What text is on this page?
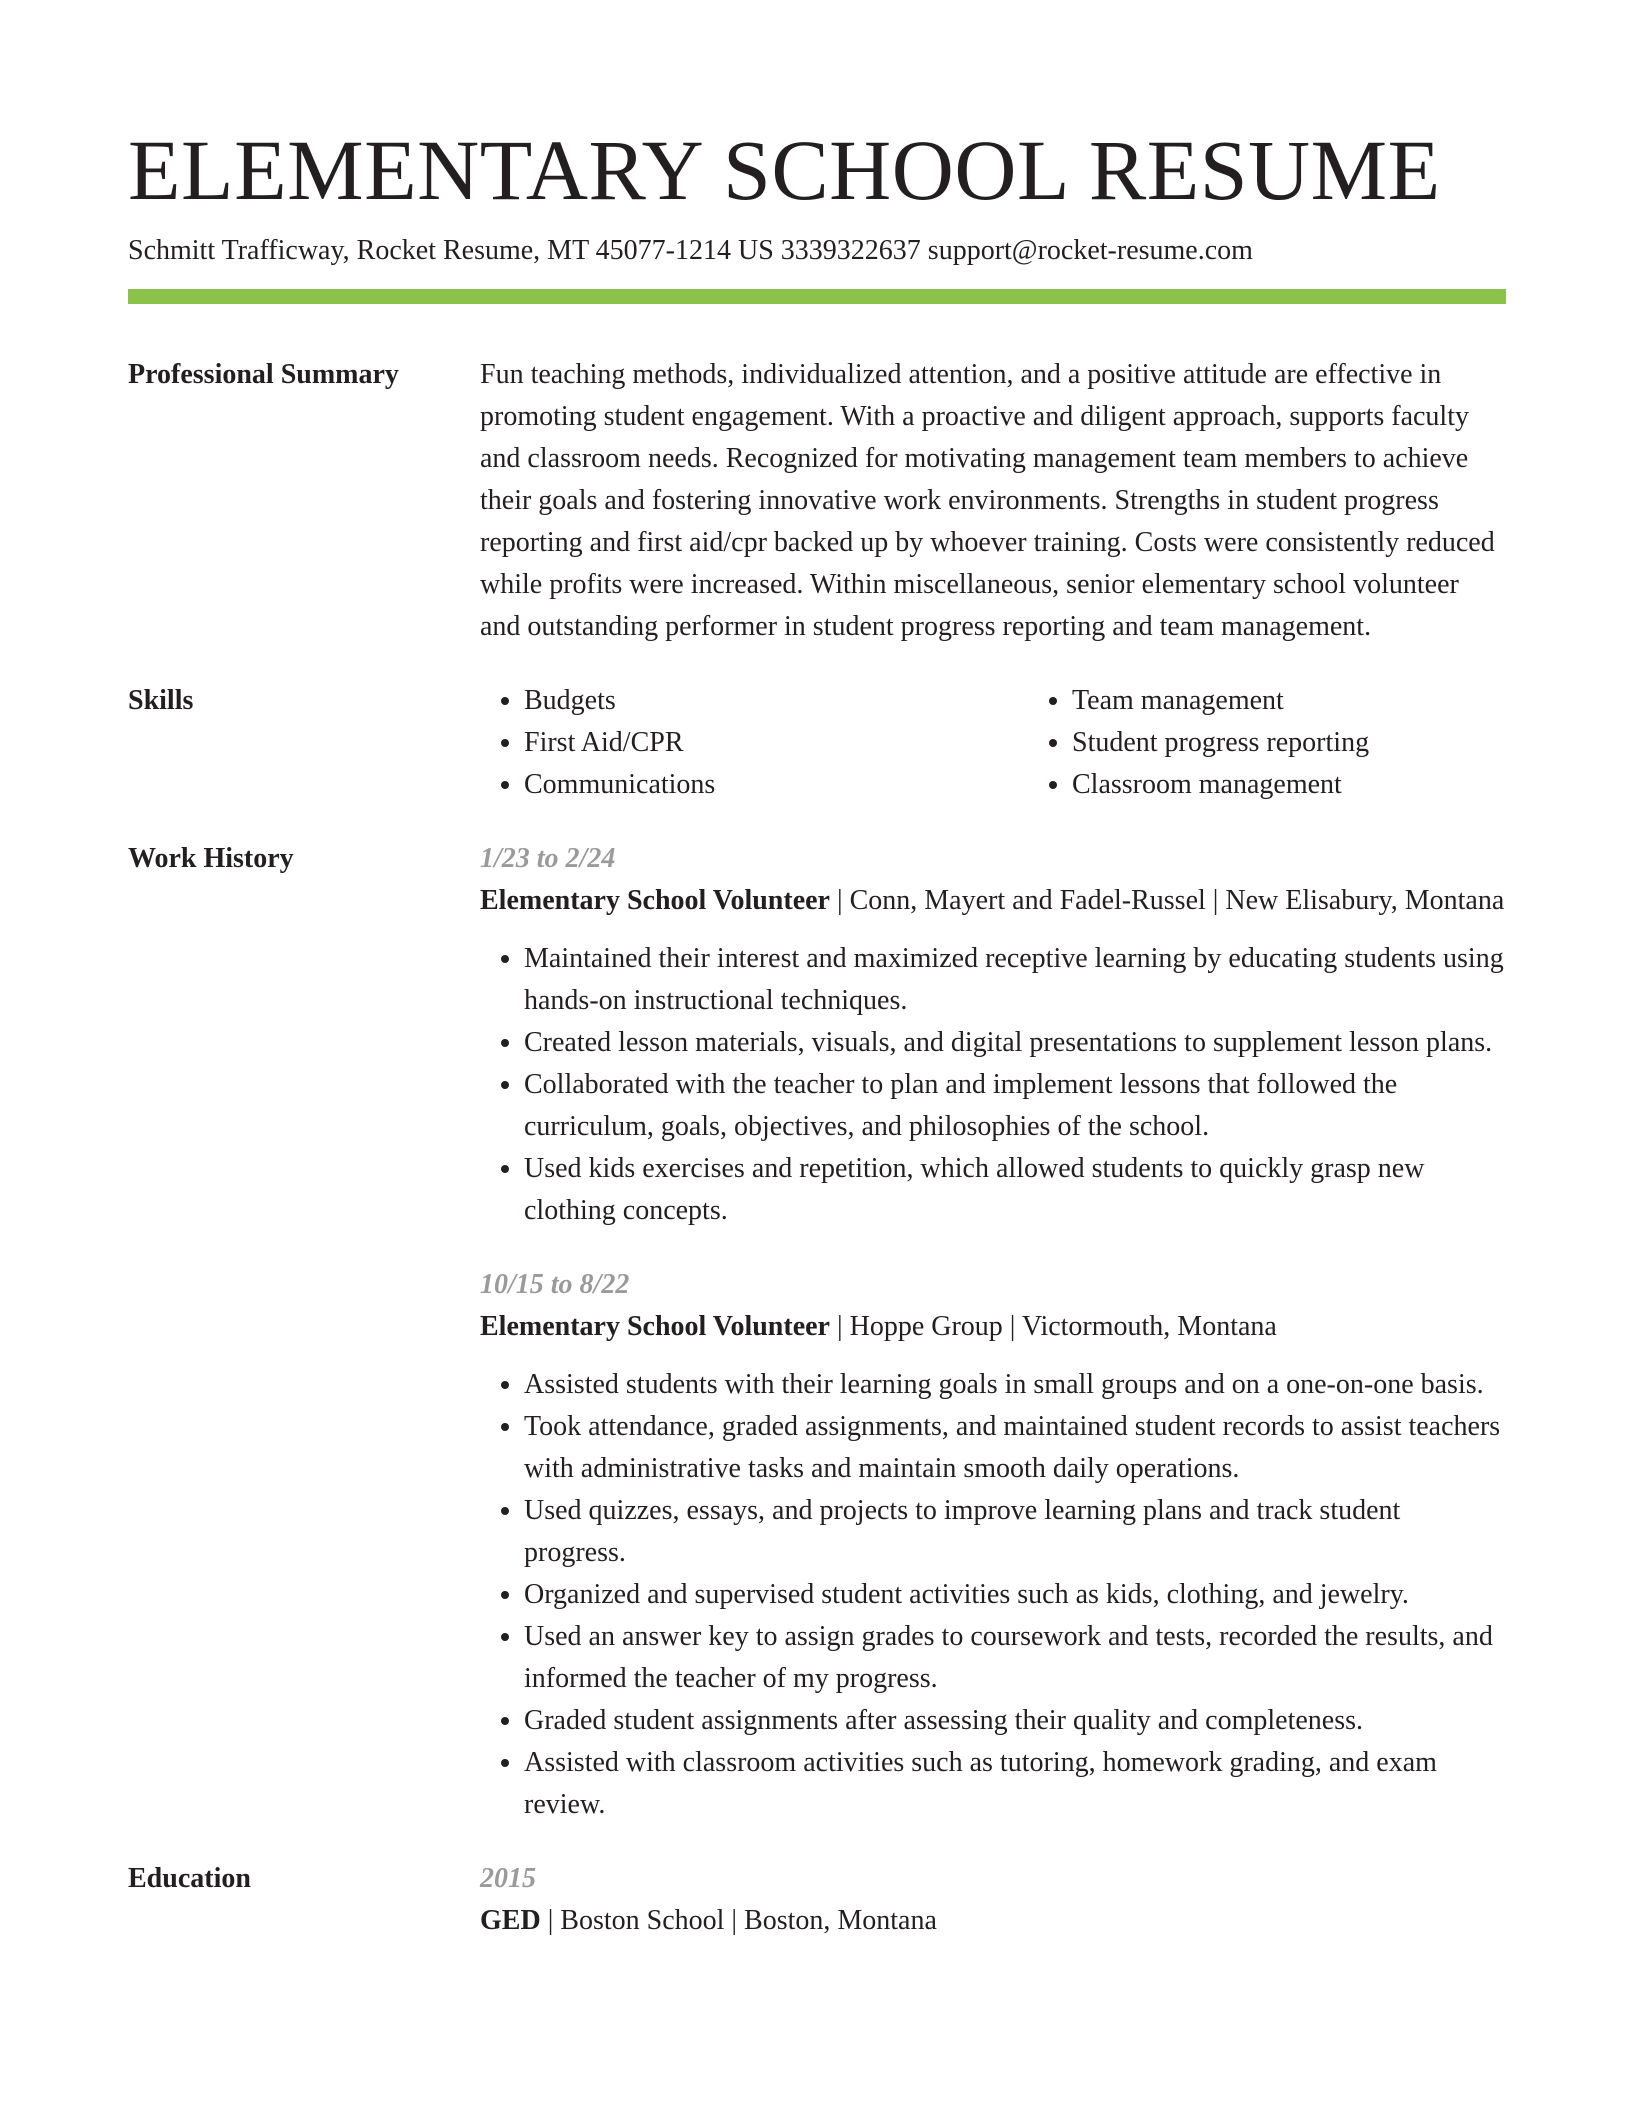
ELEMENTARY SCHOOL RESUME
Schmitt Trafficway, Rocket Resume, MT 45077-1214 US 3339322637 support@rocket-resume.com
Professional Summary	Fun teaching methods, individualized attention, and a positive attitude are effective in promoting student engagement. With a proactive and diligent approach, supports faculty and classroom needs. Recognized for motivating management team members to achieve their goals and fostering innovative work environments. Strengths in student progress reporting and first aid/cpr backed up by whoever training. Costs were consistently reduced while profits were increased. Within miscellaneous, senior elementary school volunteer and outstanding performer in student progress reporting and team management.

Skills
•	Budgets
• First Aid/CPR
• Communications
• Team management
• Student progress reporting
• Classroom management
Work History	1/23 to 2/24
Elementary School Volunteer | Conn, Mayert and Fadel-Russel | New Elisabury, Montana
• Maintained their interest and maximized receptive learning by educating students using hands-on instructional techniques.
• Created lesson materials, visuals, and digital presentations to supplement lesson plans.
• Collaborated with the teacher to plan and implement lessons that followed the curriculum, goals, objectives, and philosophies of the school.
• Used kids exercises and repetition, which allowed students to quickly grasp new clothing concepts.
10/15 to 8/22
Elementary School Volunteer | Hoppe Group | Victormouth, Montana
• Assisted students with their learning goals in small groups and on a one-on-one basis.
• Took attendance, graded assignments, and maintained student records to assist teachers with administrative tasks and maintain smooth daily operations.
• Used quizzes, essays, and projects to improve learning plans and track student progress.
• Organized and supervised student activities such as kids, clothing, and jewelry.
• Used an answer key to assign grades to coursework and tests, recorded the results, and informed the teacher of my progress.
• Graded student assignments after assessing their quality and completeness.
• Assisted with classroom activities such as tutoring, homework grading, and exam review.
Education	2015
GED | Boston School | Boston, Montana
